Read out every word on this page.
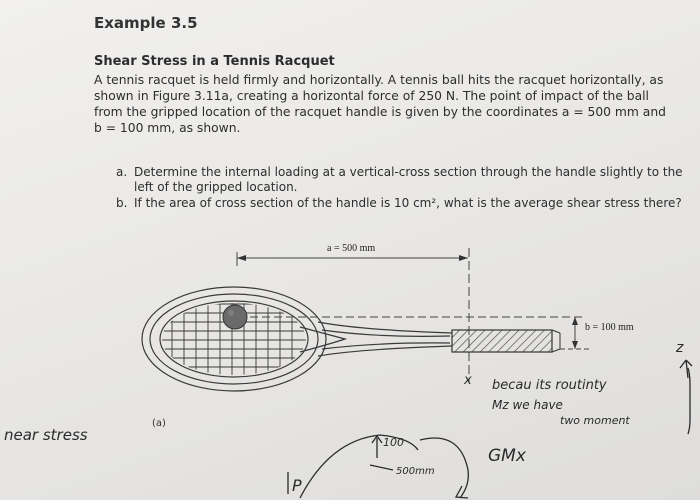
Example 3.5
Shear Stress in a Tennis Racquet
A tennis racquet is held firmly and horizontally. A tennis ball hits the racquet horizontally, as
shown in Figure 3.11a, creating a horizontal force of 250 N. The point of impact of the ball
from the gripped location of the racquet handle is given by the coordinates a = 500 mm and
b = 100 mm, as shown.
a. Determine the internal loading at a vertical-cross section through the handle slightly to the
left of the gripped location.
b. If the area of cross section of the handle is 10 cm², what is the average shear stress there?
a = 500 mm
b = 100 mm
(a)
x becau its routinty
Mz we have
two moment
near stress	100
500mm
GMx
P
z
